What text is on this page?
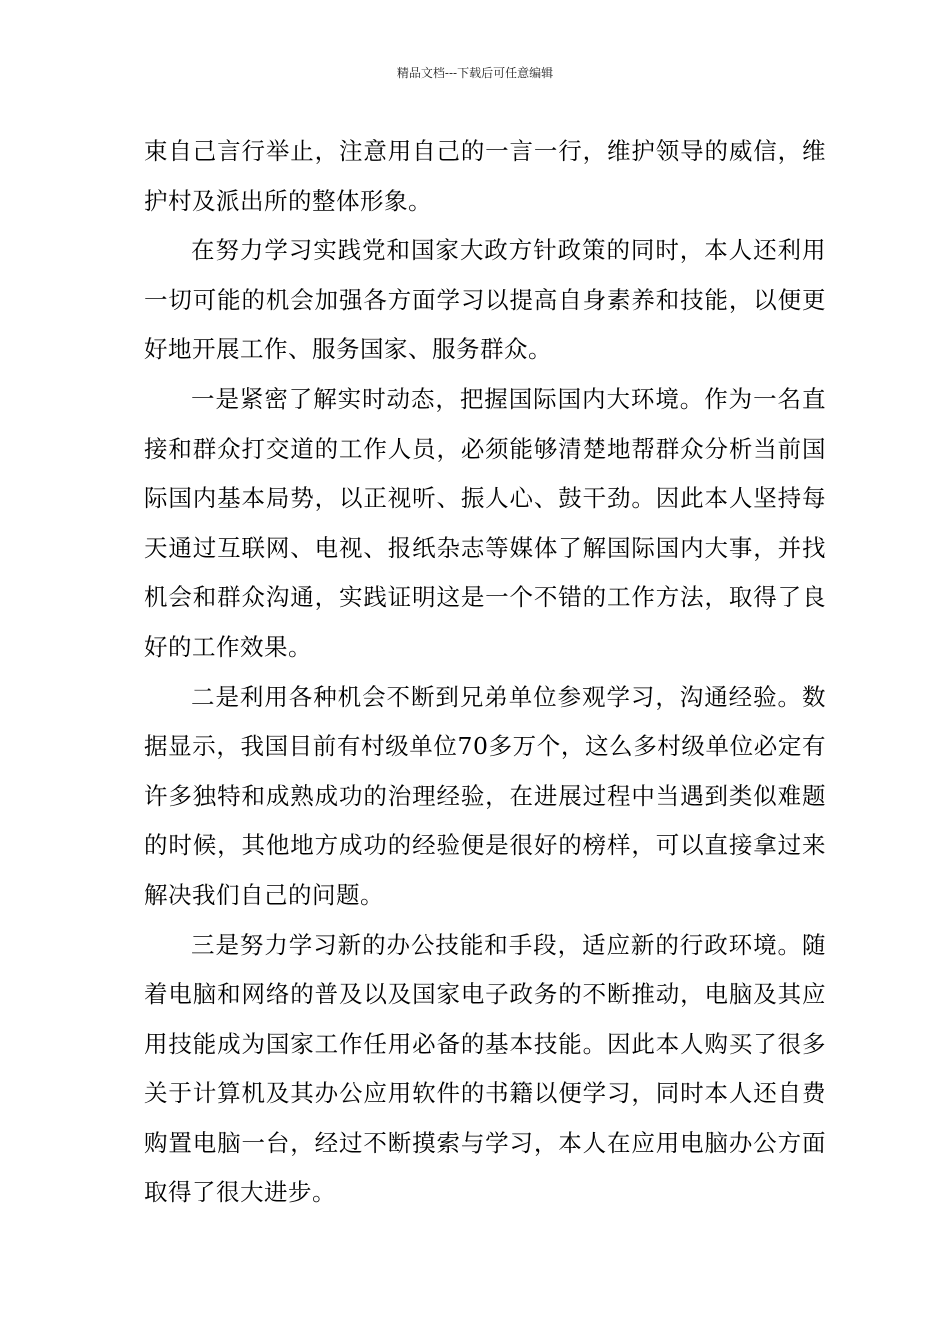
精品文档---下载后可任意编辑

束自己言行举止，注意用自己的一言一行，维护领导的威信，维护村及派出所的整体形象。

在努力学习实践党和国家大政方针政策的同时，本人还利用一切可能的机会加强各方面学习以提高自身素养和技能，以便更好地开展工作、服务国家、服务群众。

一是紧密了解实时动态，把握国际国内大环境。作为一名直接和群众打交道的工作人员，必须能够清楚地帮群众分析当前国际国内基本局势，以正视听、振人心、鼓干劲。因此本人坚持每天通过互联网、电视、报纸杂志等媒体了解国际国内大事，并找机会和群众沟通，实践证明这是一个不错的工作方法，取得了良好的工作效果。

二是利用各种机会不断到兄弟单位参观学习，沟通经验。数据显示，我国目前有村级单位70多万个，这么多村级单位必定有许多独特和成熟成功的治理经验，在进展过程中当遇到类似难题的时候，其他地方成功的经验便是很好的榜样，可以直接拿过来解决我们自己的问题。

三是努力学习新的办公技能和手段，适应新的行政环境。随着电脑和网络的普及以及国家电子政务的不断推动，电脑及其应用技能成为国家工作任用必备的基本技能。因此本人购买了很多关于计算机及其办公应用软件的书籍以便学习，同时本人还自费购置电脑一台，经过不断摸索与学习，本人在应用电脑办公方面取得了很大进步。
